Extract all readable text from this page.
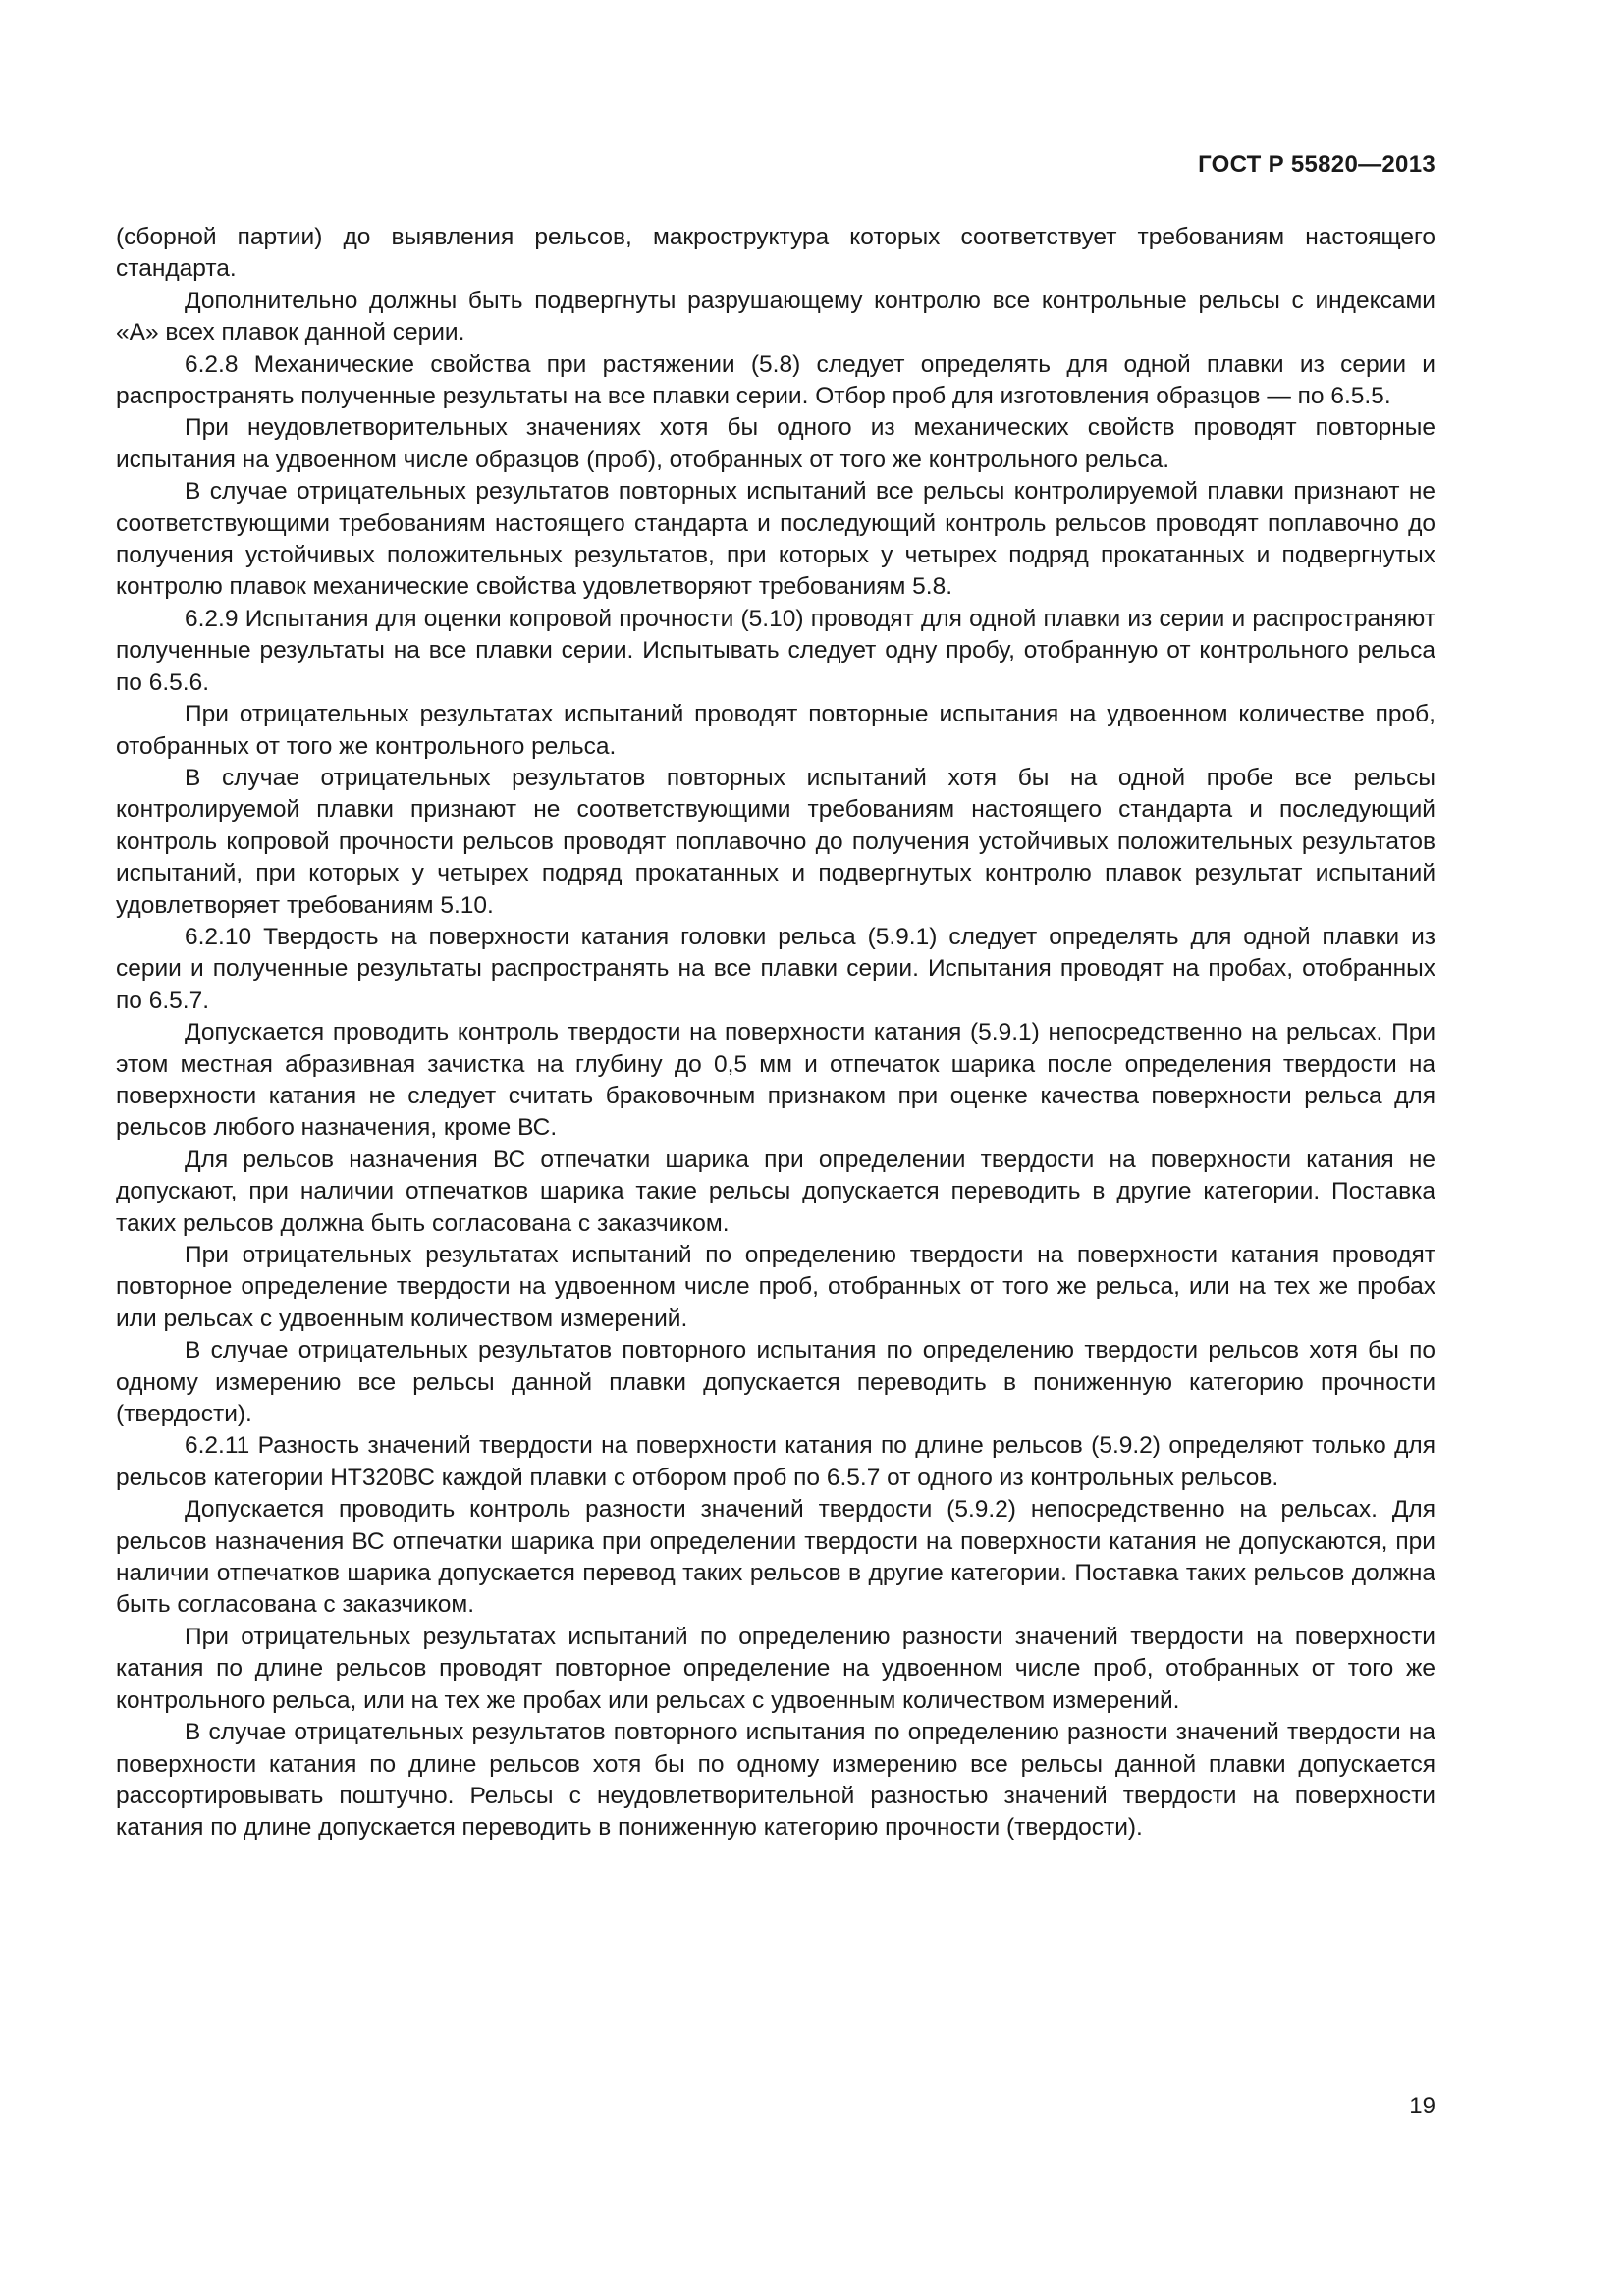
ГОСТ Р 55820—2013

(сборной партии) до выявления рельсов, макроструктура которых соответствует требованиям настоящего стандарта.

Дополнительно должны быть подвергнуты разрушающему контролю все контрольные рельсы с индексами «А» всех плавок данной серии.

6.2.8 Механические свойства при растяжении (5.8) следует определять для одной плавки из серии и распространять полученные результаты на все плавки серии. Отбор проб для изготовления образцов — по 6.5.5.

При неудовлетворительных значениях хотя бы одного из механических свойств проводят повторные испытания на удвоенном числе образцов (проб), отобранных от того же контрольного рельса.

В случае отрицательных результатов повторных испытаний все рельсы контролируемой плавки признают не соответствующими требованиям настоящего стандарта и последующий контроль рельсов проводят поплавочно до получения устойчивых положительных результатов, при которых у четырех подряд прокатанных и подвергнутых контролю плавок механические свойства удовлетворяют требованиям 5.8.

6.2.9 Испытания для оценки копровой прочности (5.10) проводят для одной плавки из серии и распространяют полученные результаты на все плавки серии. Испытывать следует одну пробу, отобранную от контрольного рельса по 6.5.6.

При отрицательных результатах испытаний проводят повторные испытания на удвоенном количестве проб, отобранных от того же контрольного рельса.

В случае отрицательных результатов повторных испытаний хотя бы на одной пробе все рельсы контролируемой плавки признают не соответствующими требованиям настоящего стандарта и последующий контроль копровой прочности рельсов проводят поплавочно до получения устойчивых положительных результатов испытаний, при которых у четырех подряд прокатанных и подвергнутых контролю плавок результат испытаний удовлетворяет требованиям 5.10.

6.2.10 Твердость на поверхности катания головки рельса (5.9.1) следует определять для одной плавки из серии и полученные результаты распространять на все плавки серии. Испытания проводят на пробах, отобранных по 6.5.7.

Допускается проводить контроль твердости на поверхности катания (5.9.1) непосредственно на рельсах. При этом местная абразивная зачистка на глубину до 0,5 мм и отпечаток шарика после определения твердости на поверхности катания не следует считать браковочным признаком при оценке качества поверхности рельса для рельсов любого назначения, кроме ВС.

Для рельсов назначения ВС отпечатки шарика при определении твердости на поверхности катания не допускают, при наличии отпечатков шарика такие рельсы допускается переводить в другие категории. Поставка таких рельсов должна быть согласована с заказчиком.

При отрицательных результатах испытаний по определению твердости на поверхности катания проводят повторное определение твердости на удвоенном числе проб, отобранных от того же рельса, или на тех же пробах или рельсах с удвоенным количеством измерений.

В случае отрицательных результатов повторного испытания по определению твердости рельсов хотя бы по одному измерению все рельсы данной плавки допускается переводить в пониженную категорию прочности (твердости).

6.2.11 Разность значений твердости на поверхности катания по длине рельсов (5.9.2) определяют только для рельсов категории НТ320ВС каждой плавки с отбором проб по 6.5.7 от одного из контрольных рельсов.

Допускается проводить контроль разности значений твердости (5.9.2) непосредственно на рельсах. Для рельсов назначения ВС отпечатки шарика при определении твердости на поверхности катания не допускаются, при наличии отпечатков шарика допускается перевод таких рельсов в другие категории. Поставка таких рельсов должна быть согласована с заказчиком.

При отрицательных результатах испытаний по определению разности значений твердости на поверхности катания по длине рельсов проводят повторное определение на удвоенном числе проб, отобранных от того же контрольного рельса, или на тех же пробах или рельсах с удвоенным количеством измерений.

В случае отрицательных результатов повторного испытания по определению разности значений твердости на поверхности катания по длине рельсов хотя бы по одному измерению все рельсы данной плавки допускается рассортировывать поштучно. Рельсы с неудовлетворительной разностью значений твердости на поверхности катания по длине допускается переводить в пониженную категорию прочности (твердости).

19
